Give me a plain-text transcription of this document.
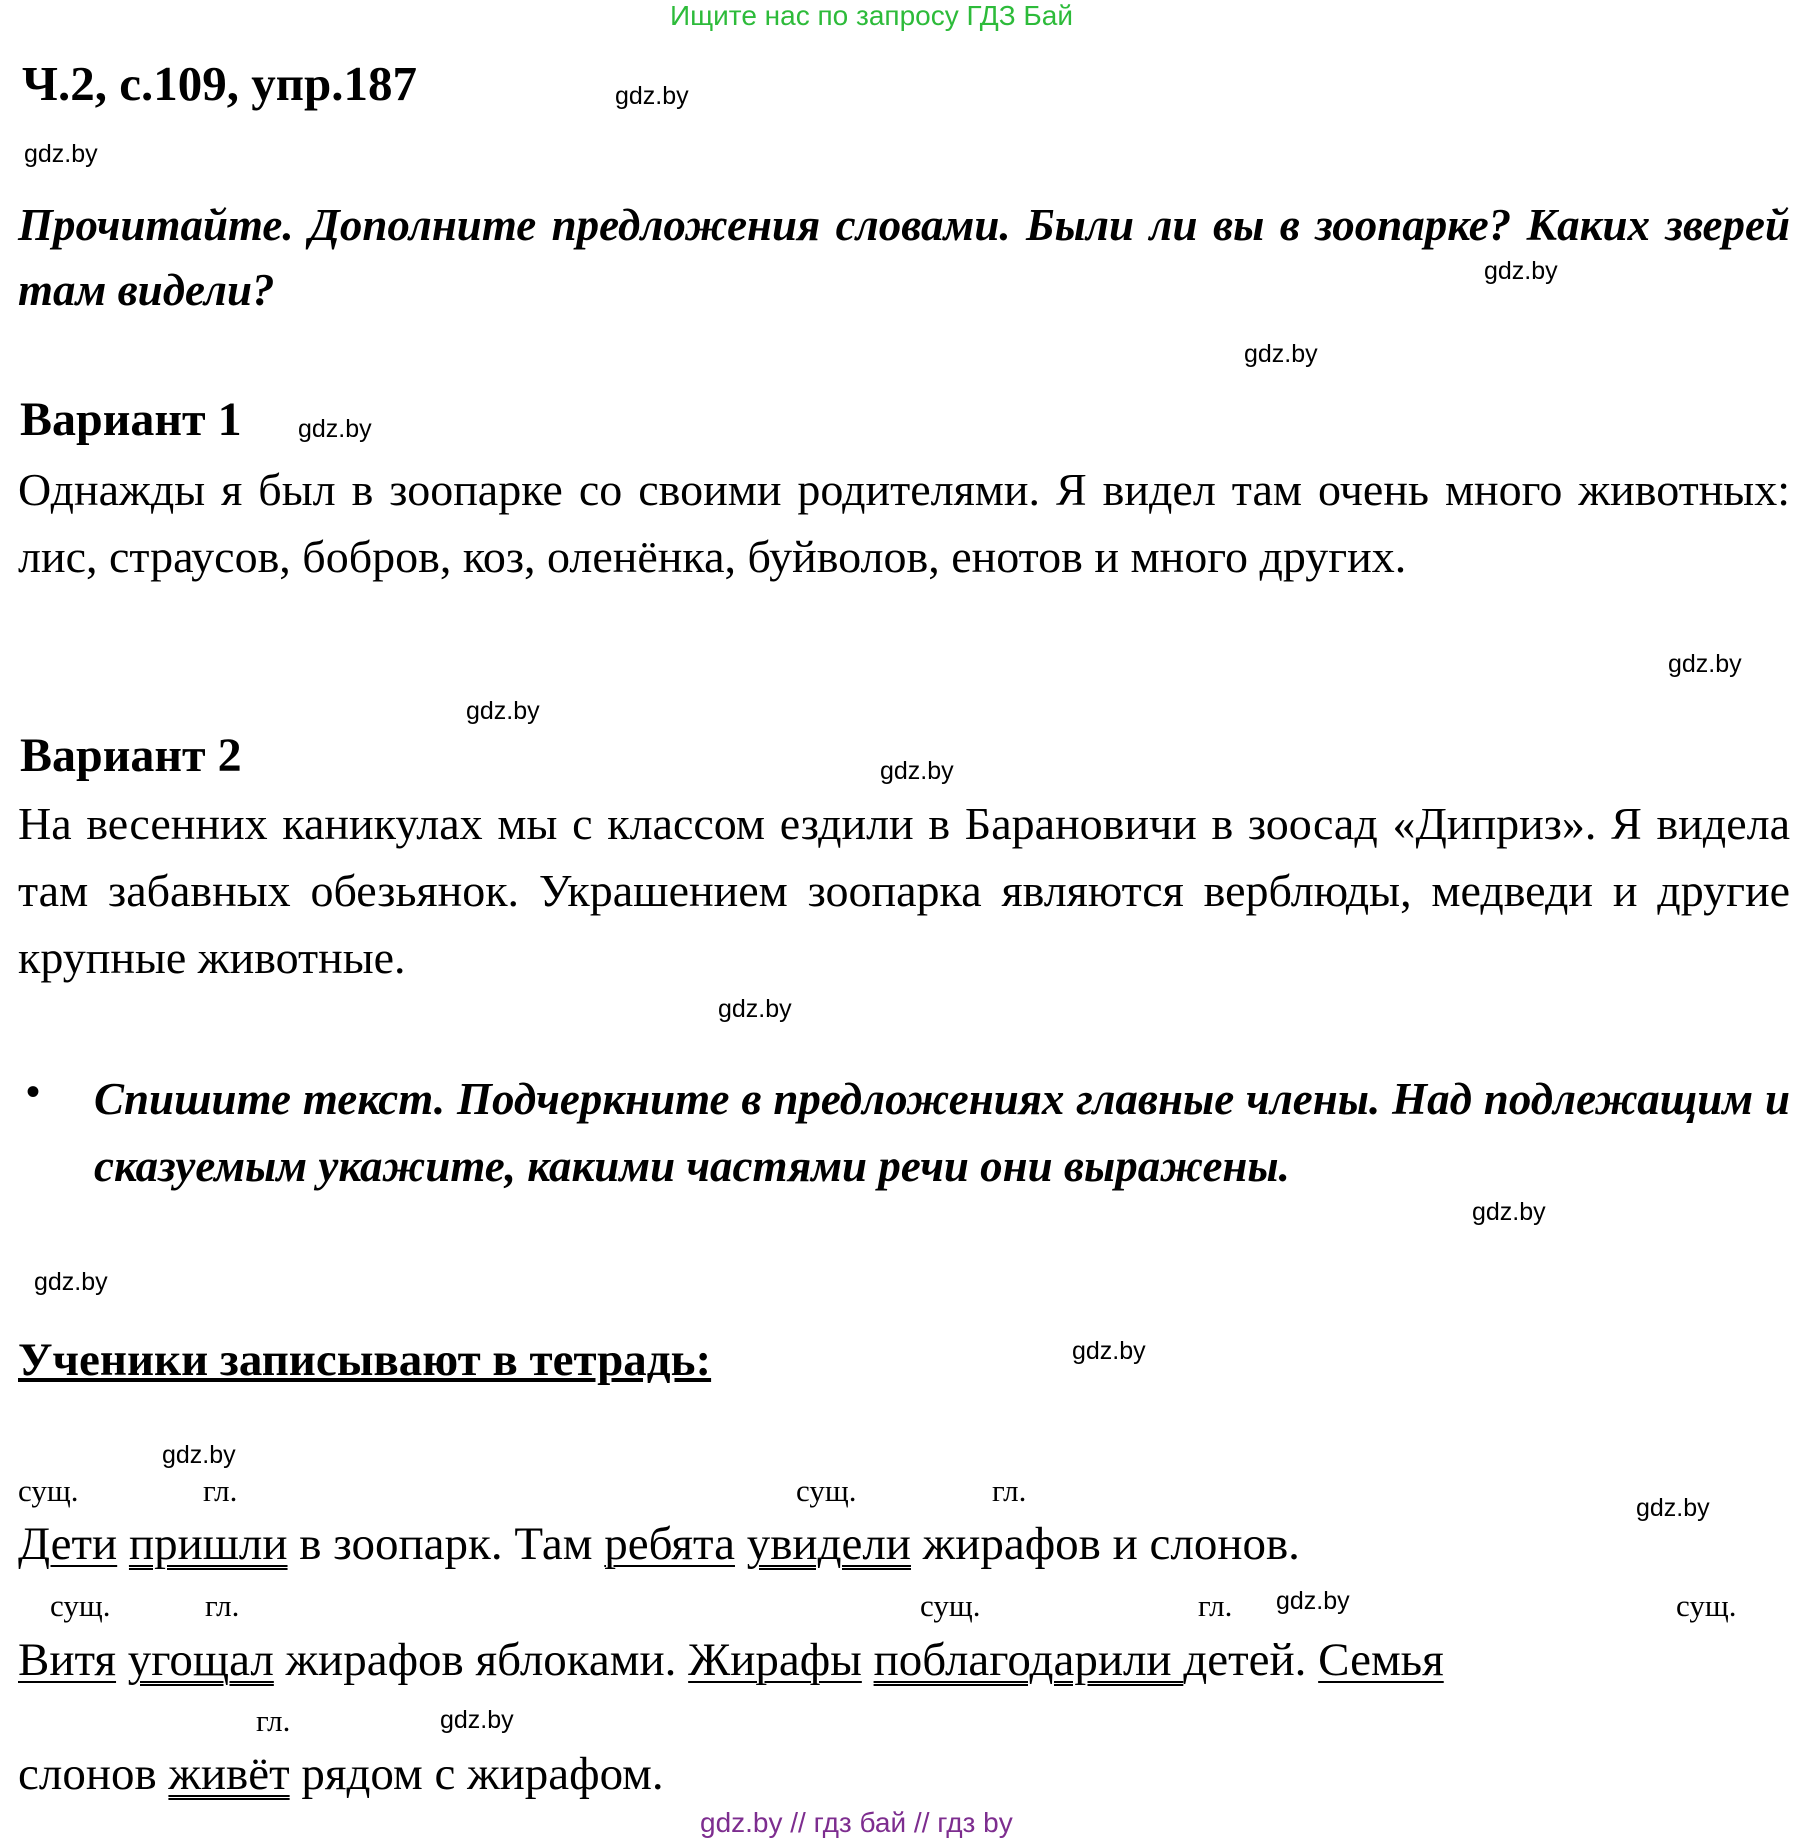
Ищите нас по запросу ГДЗ Бай
gdz.by // гдз бай // гдз by
Ч.2, с.109, упр.187
Прочитайте. Дополните предложения словами. Были ли вы в зоопарке? Каких зверей там видели?
Вариант 1
Однажды я был в зоопарке со своими родителями. Я видел там очень много животных: лис, страусов, бобров, коз, оленёнка, буйволов, енотов и много других.
Вариант 2
На весенних каникулах мы с классом ездили в Барановичи в зоосад «Диприз». Я видела там забавных обезьянок. Украшением зоопарка являются верблюды, медведи и другие крупные животные.
• Спишите текст. Подчеркните в предложениях главные члены. Над подлежащим и сказуемым укажите, какими частями речи они выражены.
Ученики записывают в тетрадь:
сущ.	гл.	сущ.	гл.
Дети пришли в зоопарк. Там ребята увидели жирафов и слонов.
сущ.	гл.	сущ.	гл.	сущ.
Витя угощал жирафов яблоками. Жирафы поблагодарили детей. Семья
гл.
слонов живёт рядом с жирафом.
gdz.by
gdz.by
gdz.by
gdz.by
gdz.by
gdz.by
gdz.by
gdz.by
gdz.by
gdz.by
gdz.by
gdz.by
gdz.by
gdz.by
gdz.by
gdz.by
